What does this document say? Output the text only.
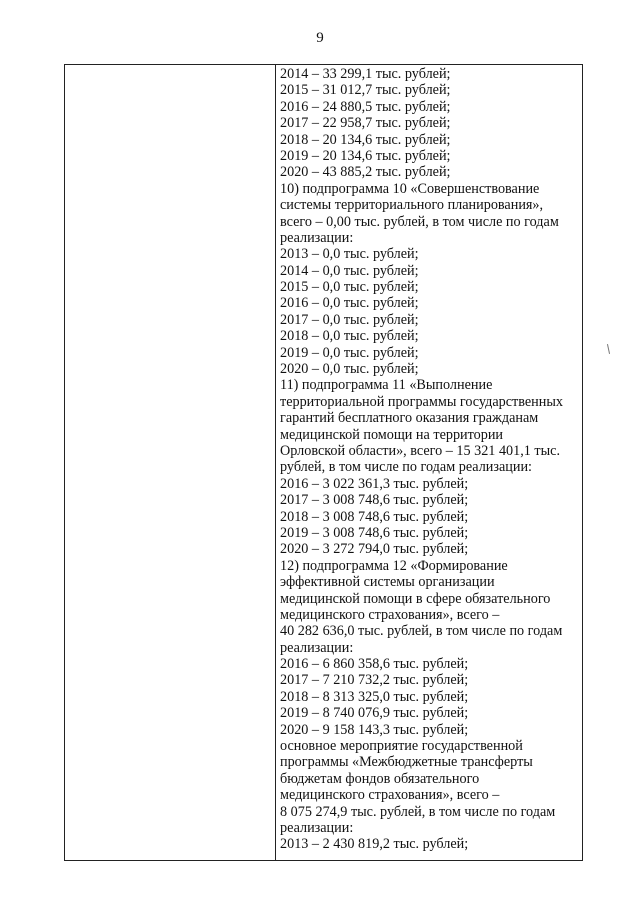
9
2014 – 33 299,1 тыс. рублей;
2015 – 31 012,7 тыс. рублей;
2016 – 24 880,5 тыс. рублей;
2017 – 22 958,7 тыс. рублей;
2018 – 20 134,6 тыс. рублей;
2019 – 20 134,6 тыс. рублей;
2020 – 43 885,2 тыс. рублей;
10) подпрограмма 10 «Совершенствование
системы территориального планирования»,
всего – 0,00 тыс. рублей, в том числе по годам
реализации:
2013 – 0,0 тыс. рублей;
2014 – 0,0 тыс. рублей;
2015 – 0,0 тыс. рублей;
2016 – 0,0 тыс. рублей;
2017 – 0,0 тыс. рублей;
2018 – 0,0 тыс. рублей;
2019 – 0,0 тыс. рублей;
2020 – 0,0 тыс. рублей;
11) подпрограмма 11 «Выполнение
территориальной программы государственных
гарантий бесплатного оказания гражданам
медицинской помощи на территории
Орловской области», всего – 15 321 401,1 тыс.
рублей, в том числе по годам реализации:
2016 – 3 022 361,3 тыс. рублей;
2017 – 3 008 748,6 тыс. рублей;
2018 – 3 008 748,6 тыс. рублей;
2019 – 3 008 748,6 тыс. рублей;
2020 – 3 272 794,0 тыс. рублей;
12) подпрограмма 12 «Формирование
эффективной системы организации
медицинской помощи в сфере обязательного
медицинского страхования», всего –
40 282 636,0 тыс. рублей, в том числе по годам
реализации:
2016 – 6 860 358,6 тыс. рублей;
2017 – 7 210 732,2 тыс. рублей;
2018 – 8 313 325,0 тыс. рублей;
2019 – 8 740 076,9 тыс. рублей;
2020 – 9 158 143,3 тыс. рублей;
основное мероприятие государственной
программы «Межбюджетные трансферты
бюджетам фондов обязательного
медицинского страхования», всего –
8 075 274,9 тыс. рублей, в том числе по годам
реализации:
2013 – 2 430 819,2 тыс. рублей;
